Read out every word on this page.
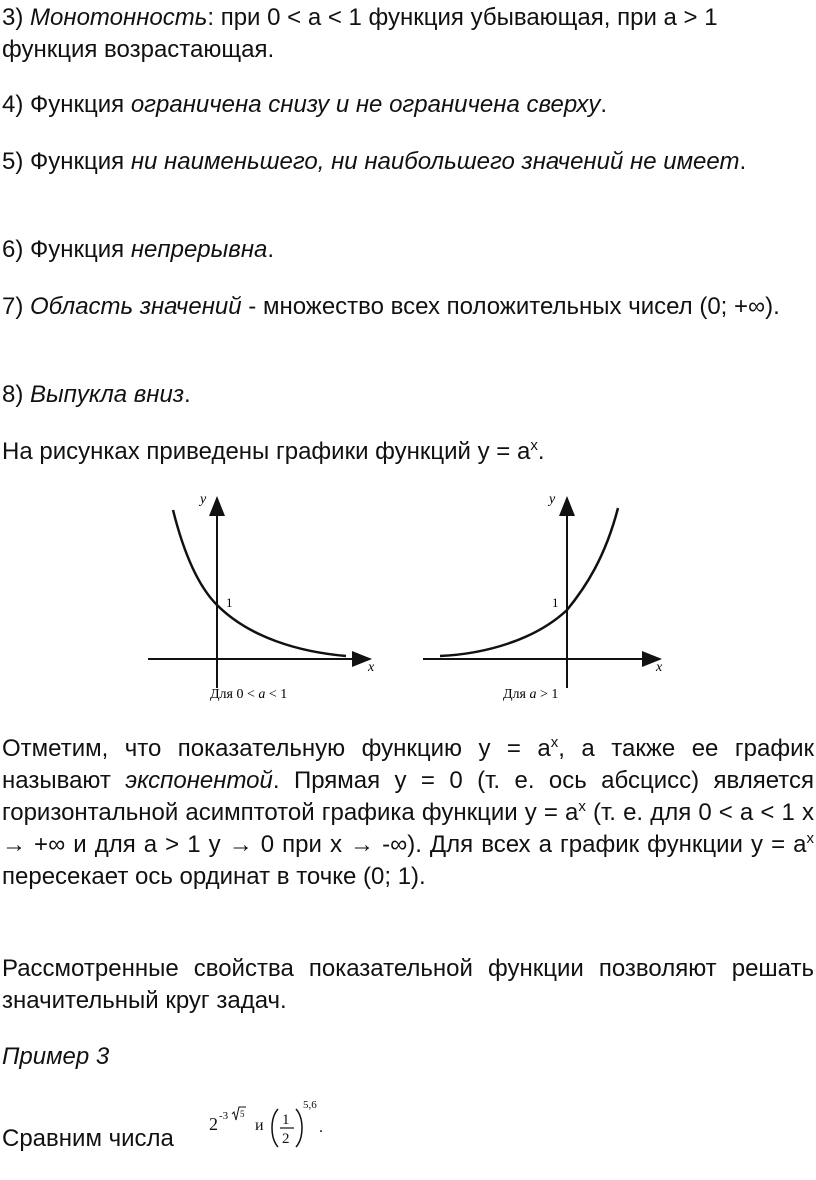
3) Монотонность: при 0 < a < 1 функция убывающая, при a > 1 функция возрастающая.

4) Функция ограничена снизу и не ограничена сверху.

5) Функция ни наименьшего, ни наибольшего значений не имеет.

6) Функция непрерывна.

7) Область значений - множество всех положительных чисел (0; +∞).

8) Выпукла вниз.

На рисунках приведены графики функций $y = a^x$.

y
x
1
Для 0 < a < 1
y
x
1
Для a > 1

Отметим, что показательную функцию $y = a^x$, а также ее график называют экспонентой. Прямая y = 0 (т. е. ось абсцисс) является горизонтальной асимптотой графика функции $y = a^x$ (т. е. для 0 < a < 1 x → +∞ и для a > 1 y → 0 при x → -∞). Для всех a график функции $y = a^x$ пересекает ось ординат в точке (0; 1).

Рассмотренные свойства показательной функции позволяют решать значительный круг задач.

Пример 3

Сравним числа

2 -3 5
и 1
2
5,6
.
